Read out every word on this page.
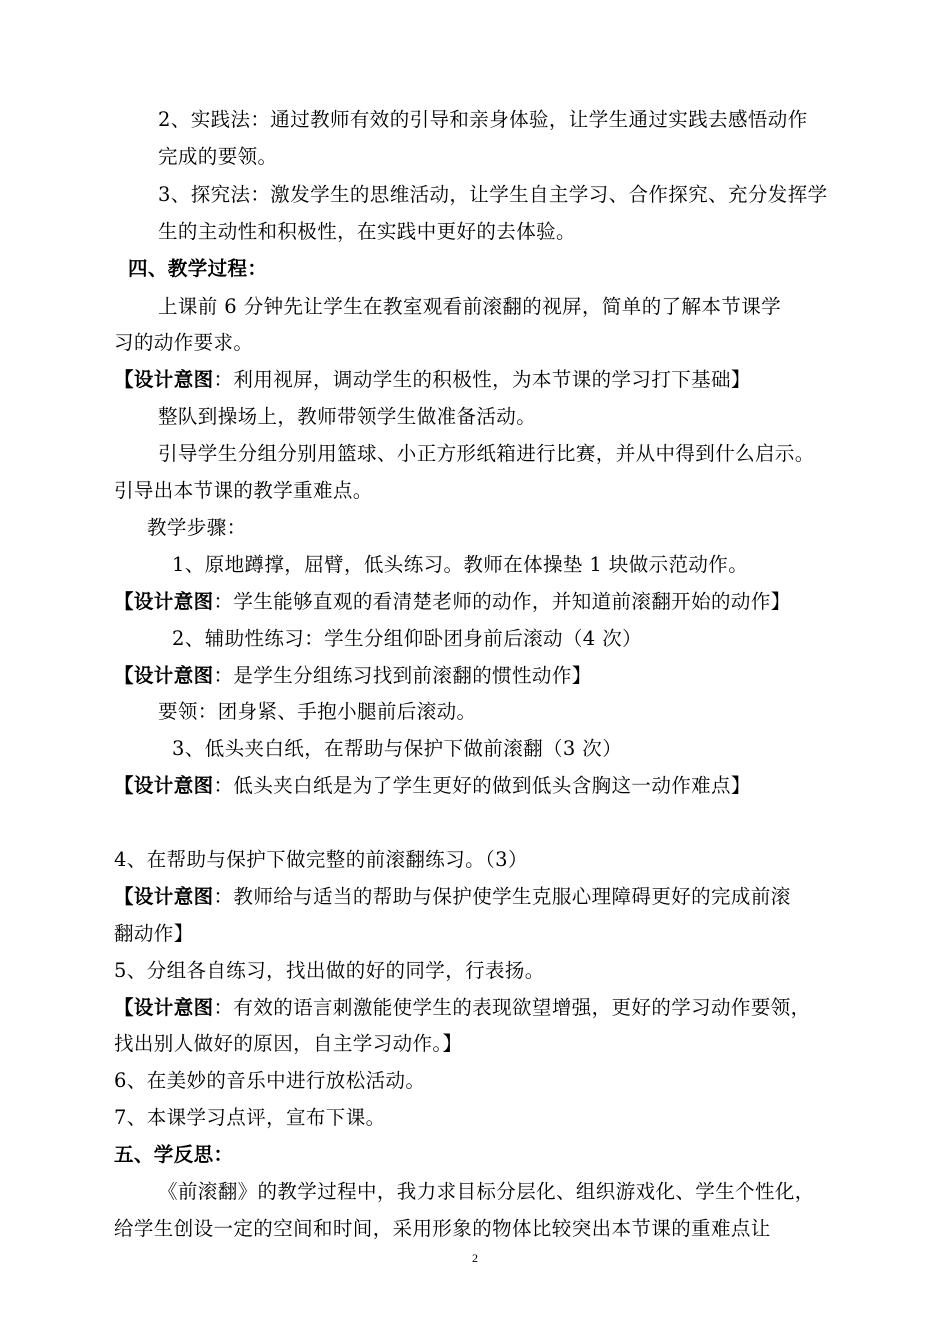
2、实践法：通过教师有效的引导和亲身体验，让学生通过实践去感悟动作
完成的要领。
3、探究法：激发学生的思维活动，让学生自主学习、合作探究、充分发挥学
生的主动性和积极性，在实践中更好的去体验。
四、教学过程：
上课前 6 分钟先让学生在教室观看前滚翻的视屏，简单的了解本节课学
习的动作要求。
【设计意图：利用视屏，调动学生的积极性，为本节课的学习打下基础】
整队到操场上，教师带领学生做准备活动。
引导学生分组分别用篮球、小正方形纸箱进行比赛，并从中得到什么启示。
引导出本节课的教学重难点。
教学步骤：
1、原地蹲撑，屈臂，低头练习。教师在体操垫 1 块做示范动作。
【设计意图：学生能够直观的看清楚老师的动作，并知道前滚翻开始的动作】
2、辅助性练习：学生分组仰卧团身前后滚动（4 次）
【设计意图：是学生分组练习找到前滚翻的惯性动作】
要领：团身紧、手抱小腿前后滚动。
3、低头夹白纸，在帮助与保护下做前滚翻（3 次）
【设计意图：低头夹白纸是为了学生更好的做到低头含胸这一动作难点】
4、在帮助与保护下做完整的前滚翻练习。（3）
【设计意图：教师给与适当的帮助与保护使学生克服心理障碍更好的完成前滚
翻动作】
5、分组各自练习，找出做的好的同学，行表扬。
【设计意图：有效的语言刺激能使学生的表现欲望增强，更好的学习动作要领，
找出别人做好的原因，自主学习动作。】
6、在美妙的音乐中进行放松活动。
7、本课学习点评，宣布下课。
五、学反思：
《前滚翻》的教学过程中，我力求目标分层化、组织游戏化、学生个性化，
给学生创设一定的空间和时间，采用形象的物体比较突出本节课的重难点让
2
